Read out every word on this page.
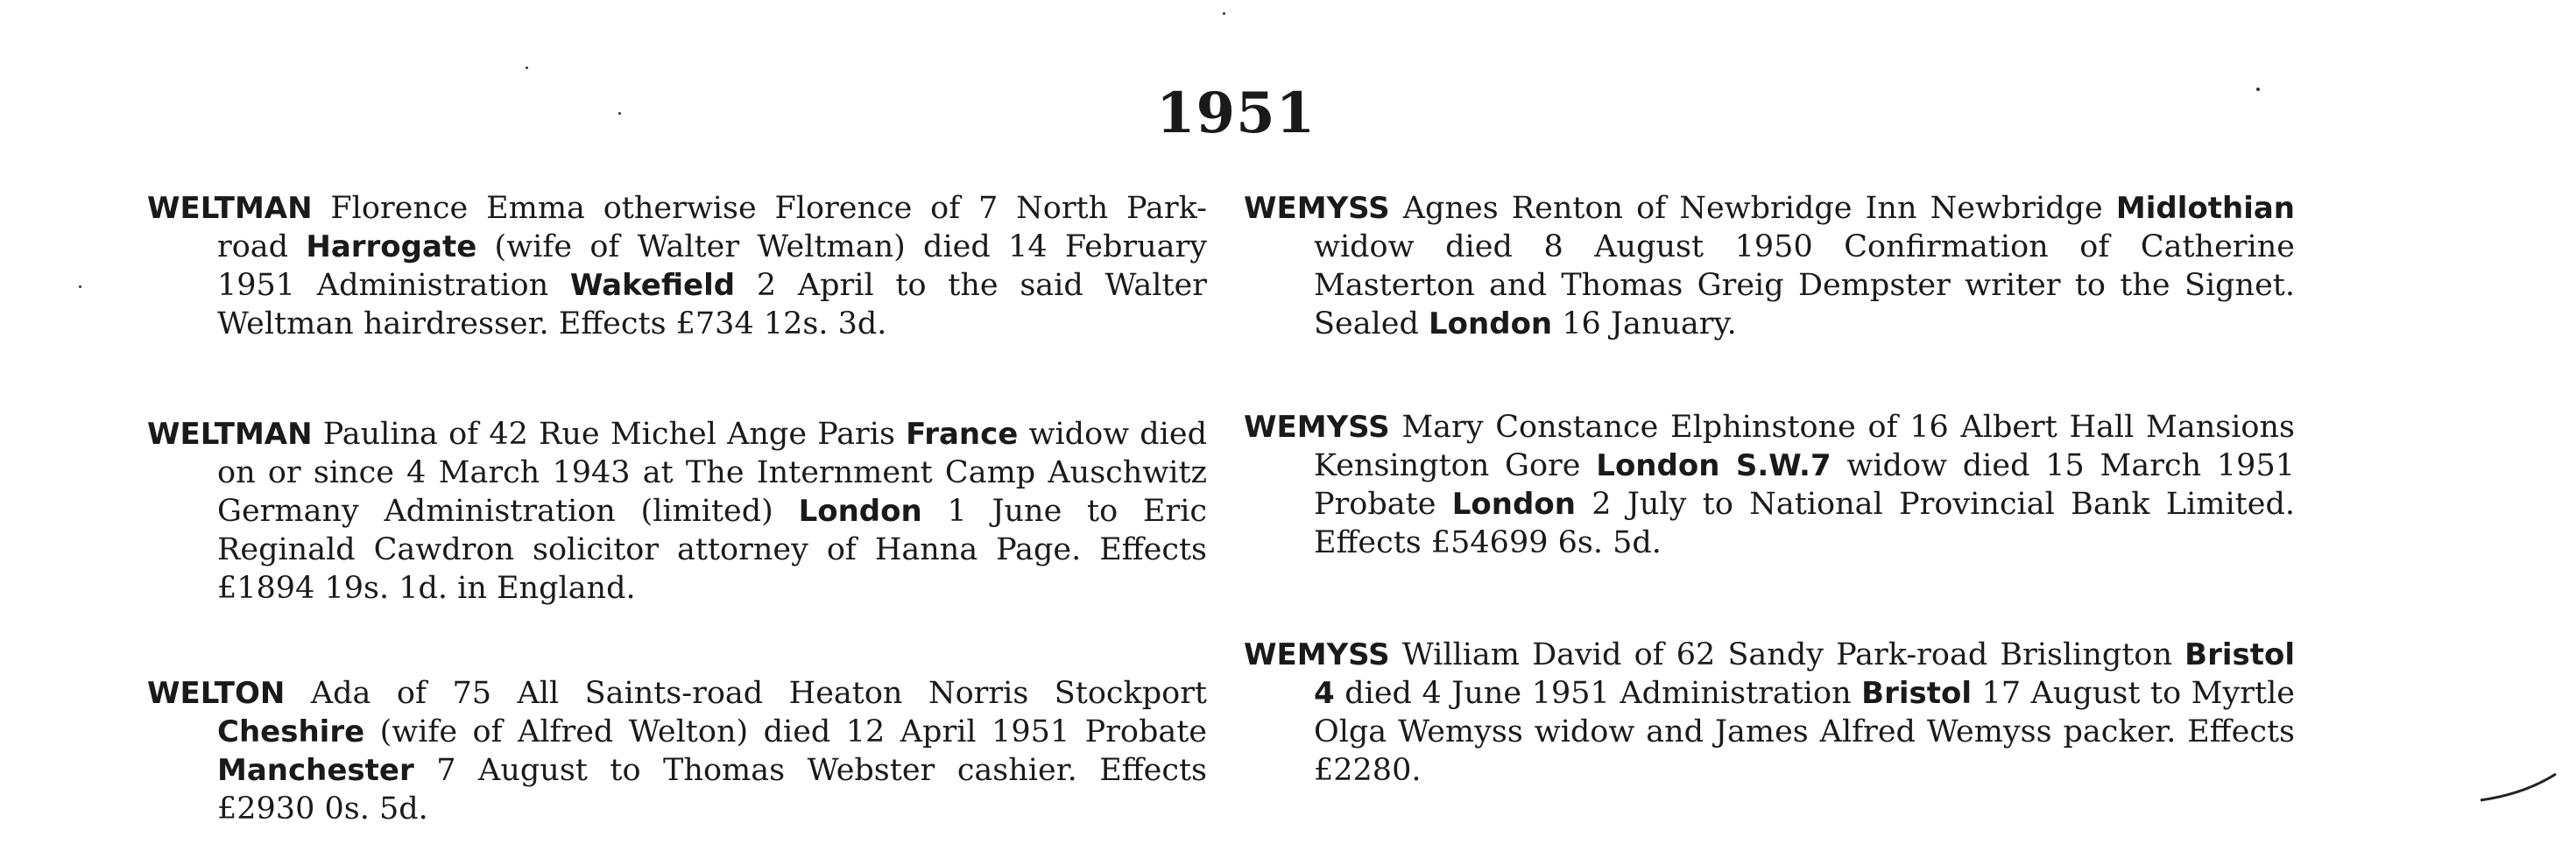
1951
WELTMAN Florence Emma otherwise Florence of 7 North Park-road Harrogate (wife of Walter Weltman) died 14 February 1951 Administration Wakefield 2 April to the said Walter Weltman hairdresser. Effects £734 12s. 3d.
WELTMAN Paulina of 42 Rue Michel Ange Paris France widow died on or since 4 March 1943 at The Internment Camp Auschwitz Germany Administration (limited) London 1 June to Eric Reginald Cawdron solicitor attorney of Hanna Page. Effects £1894 19s. 1d. in England.
WELTON Ada of 75 All Saints-road Heaton Norris Stockport Cheshire (wife of Alfred Welton) died 12 April 1951 Probate Manchester 7 August to Thomas Webster cashier. Effects £2930 0s. 5d.
WEMYSS Agnes Renton of Newbridge Inn Newbridge Midlothian widow died 8 August 1950 Confirmation of Catherine Masterton and Thomas Greig Dempster writer to the Signet. Sealed London 16 January.
WEMYSS Mary Constance Elphinstone of 16 Albert Hall Mansions Kensington Gore London S.W.7 widow died 15 March 1951 Probate London 2 July to National Provincial Bank Limited. Effects £54699 6s. 5d.
WEMYSS William David of 62 Sandy Park-road Brislington Bristol 4 died 4 June 1951 Administration Bristol 17 August to Myrtle Olga Wemyss widow and James Alfred Wemyss packer. Effects £2280.
